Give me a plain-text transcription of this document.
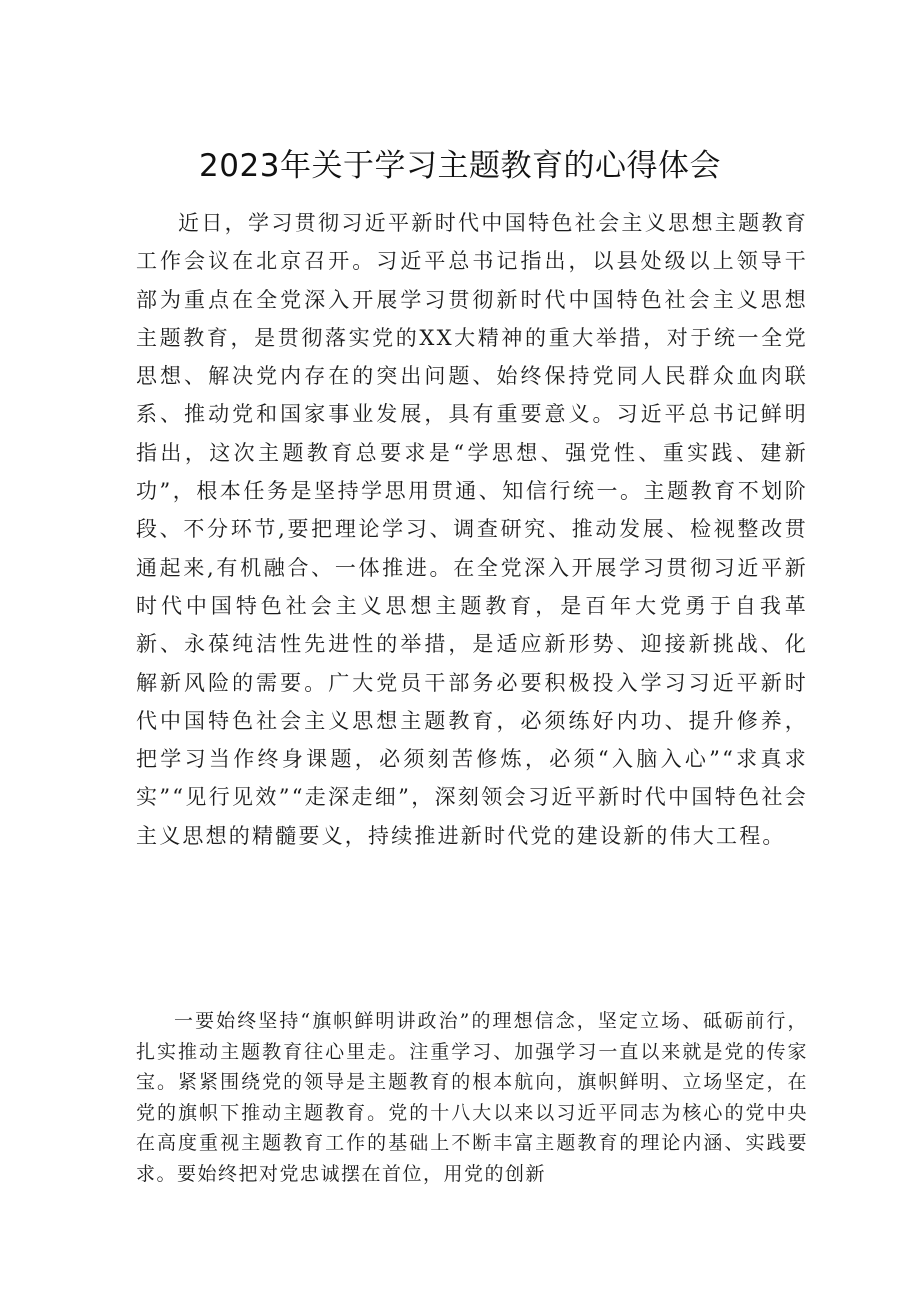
2023年关于学习主题教育的心得体会

近日，学习贯彻习近平新时代中国特色社会主义思想主题教育工作会议在北京召开。习近平总书记指出，以县处级以上领导干部为重点在全党深入开展学习贯彻新时代中国特色社会主义思想主题教育，是贯彻落实党的XX大精神的重大举措，对于统一全党思想、解决党内存在的突出问题、始终保持党同人民群众血肉联系、推动党和国家事业发展，具有重要意义。习近平总书记鲜明指出，这次主题教育总要求是“学思想、强党性、重实践、建新功”，根本任务是坚持学思用贯通、知信行统一。主题教育不划阶段、不分环节,要把理论学习、调查研究、推动发展、检视整改贯通起来,有机融合、一体推进。在全党深入开展学习贯彻习近平新时代中国特色社会主义思想主题教育，是百年大党勇于自我革新、永葆纯洁性先进性的举措，是适应新形势、迎接新挑战、化解新风险的需要。广大党员干部务必要积极投入学习习近平新时代中国特色社会主义思想主题教育，必须练好内功、提升修养，把学习当作终身课题，必须刻苦修炼，必须“入脑入心”“求真求实”“见行见效”“走深走细”，深刻领会习近平新时代中国特色社会主义思想的精髓要义，持续推进新时代党的建设新的伟大工程。

一要始终坚持“旗帜鲜明讲政治”的理想信念，坚定立场、砥砺前行，扎实推动主题教育往心里走。注重学习、加强学习一直以来就是党的传家宝。紧紧围绕党的领导是主题教育的根本航向，旗帜鲜明、立场坚定，在党的旗帜下推动主题教育。党的十八大以来以习近平同志为核心的党中央在高度重视主题教育工作的基础上不断丰富主题教育的理论内涵、实践要求。要始终把对党忠诚摆在首位，用党的创新
